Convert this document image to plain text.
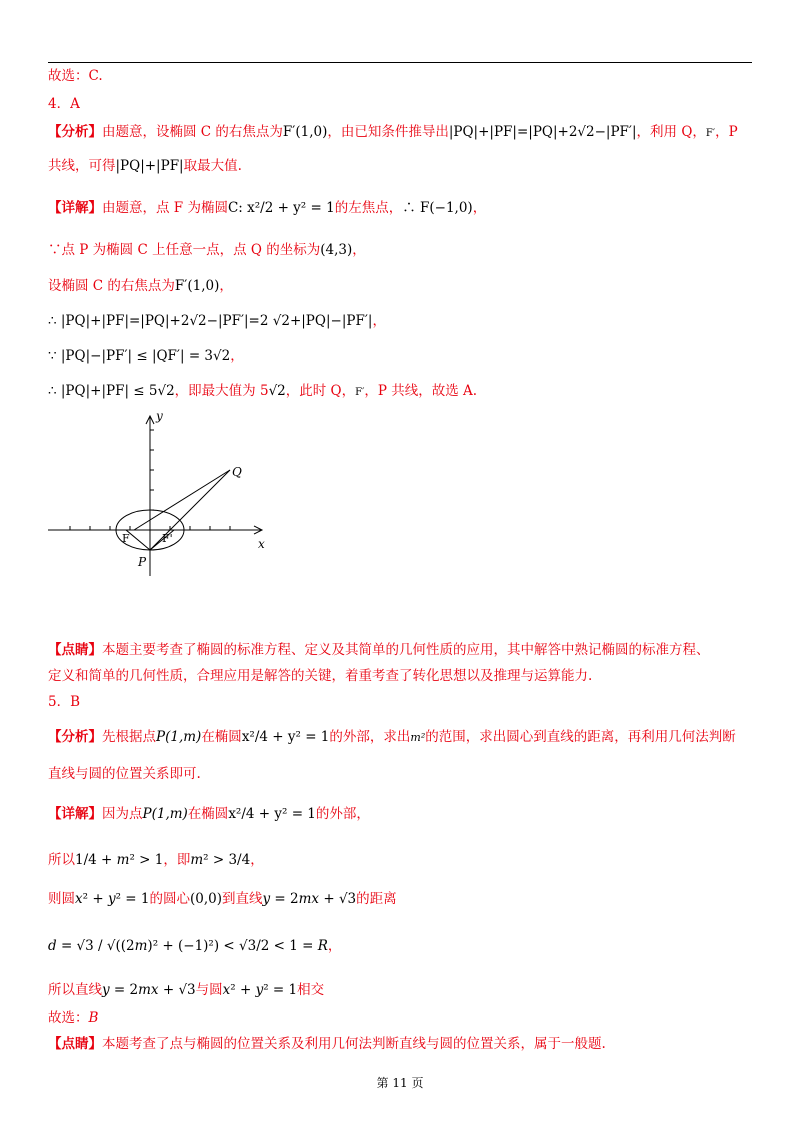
故选：C.
4．A
【分析】由题意，设椭圆 C 的右焦点为F′(1,0)，由已知条件推导出|PQ|+|PF|=|PQ|+2√2−|PF′|，利用 Q，F′，P
共线，可得|PQ|+|PF|取最大值.
【详解】由题意，点 F 为椭圆C: x²/2 + y² = 1的左焦点，∴ F(−1,0)，
∵点 P 为椭圆 C 上任意一点，点 Q 的坐标为(4,3)，
设椭圆 C 的右焦点为F′(1,0)，
∴ |PQ|+|PF|=|PQ|+2√2−|PF′|=2 √2+|PQ|−|PF′|，
∵ |PQ|−|PF′| ≤ |QF′| = 3√2，
∴ |PQ|+|PF| ≤ 5√2，即最大值为 5√2，此时 Q，F′，P 共线，故选 A.
y
x
Q
F	F'
P
【点睛】本题主要考查了椭圆的标准方程、定义及其简单的几何性质的应用，其中解答中熟记椭圆的标准方程、
定义和简单的几何性质，合理应用是解答的关键，着重考查了转化思想以及推理与运算能力.
5．B
【分析】先根据点P(1,m)在椭圆x²/4 + y² = 1的外部，求出m²的范围，求出圆心到直线的距离，再利用几何法判断
直线与圆的位置关系即可.
【详解】因为点P(1,m)在椭圆x²/4 + y² = 1的外部，
所以1/4 + m² > 1，即m² > 3/4，
则圆x² + y² = 1的圆心(0,0)到直线y = 2mx + √3的距离
d = √3 / √((2m)² + (−1)²) < √3/2 < 1 = R，
所以直线y = 2mx + √3与圆x² + y² = 1相交
故选：B
【点睛】本题考查了点与椭圆的位置关系及利用几何法判断直线与圆的位置关系，属于一般题.
第 11 页
